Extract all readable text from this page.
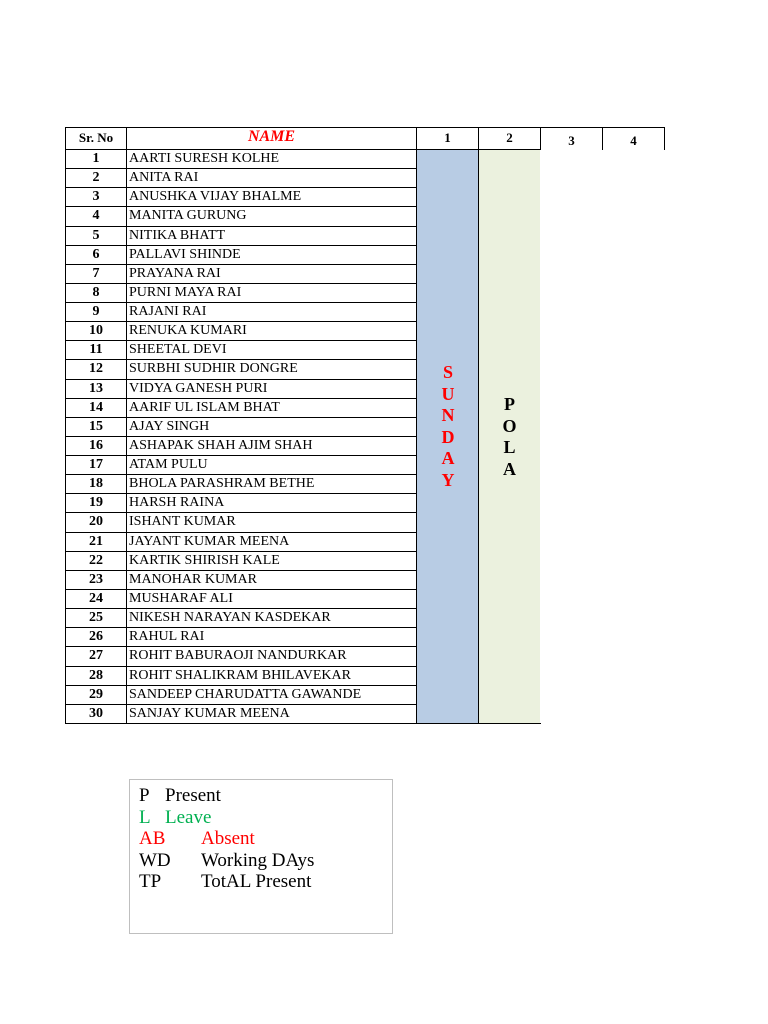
Sr. No	NAME	1	2	3	4
S
U
N
D
A
Y
P
O
L
A
1	AARTI SURESH KOLHE
2	ANITA RAI
3	ANUSHKA VIJAY BHALME
4	MANITA GURUNG
5	NITIKA BHATT
6	PALLAVI SHINDE
7	PRAYANA RAI
8	PURNI MAYA RAI
9	RAJANI RAI
10	RENUKA KUMARI
11	SHEETAL DEVI
12	SURBHI SUDHIR DONGRE
13	VIDYA GANESH PURI
14	AARIF UL ISLAM BHAT
15	AJAY SINGH
16	ASHAPAK SHAH AJIM SHAH
17	ATAM PULU
18	BHOLA PARASHRAM BETHE
19	HARSH RAINA
20	ISHANT KUMAR
21	JAYANT KUMAR MEENA
22	KARTIK SHIRISH KALE
23	MANOHAR KUMAR
24	MUSHARAF ALI
25	NIKESH NARAYAN KASDEKAR
26	RAHUL RAI
27	ROHIT BABURAOJI NANDURKAR
28	ROHIT SHALIKRAM BHILAVEKAR
29	SANDEEP CHARUDATTA GAWANDE
30	SANJAY KUMAR MEENA
P Present
L Leave
AB Absent
WD Working DAys
TP TotAL Present
